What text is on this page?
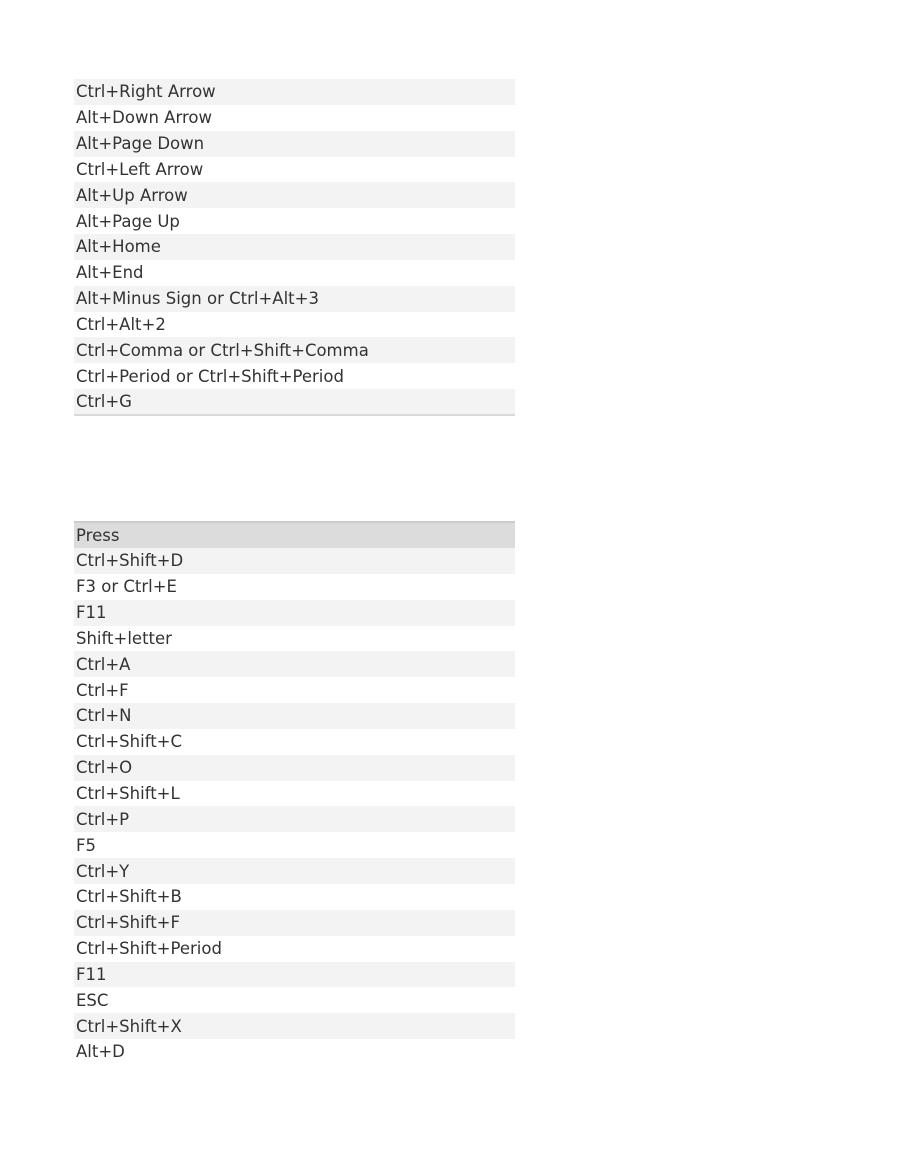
Ctrl+Right Arrow
Alt+Down Arrow
Alt+Page Down
Ctrl+Left Arrow
Alt+Up Arrow
Alt+Page Up
Alt+Home
Alt+End
Alt+Minus Sign or Ctrl+Alt+3
Ctrl+Alt+2
Ctrl+Comma or Ctrl+Shift+Comma
Ctrl+Period or Ctrl+Shift+Period
Ctrl+G
Press
Ctrl+Shift+D
F3 or Ctrl+E
F11
Shift+letter
Ctrl+A
Ctrl+F
Ctrl+N
Ctrl+Shift+C
Ctrl+O
Ctrl+Shift+L
Ctrl+P
F5
Ctrl+Y
Ctrl+Shift+B
Ctrl+Shift+F
Ctrl+Shift+Period
F11
ESC
Ctrl+Shift+X
Alt+D
